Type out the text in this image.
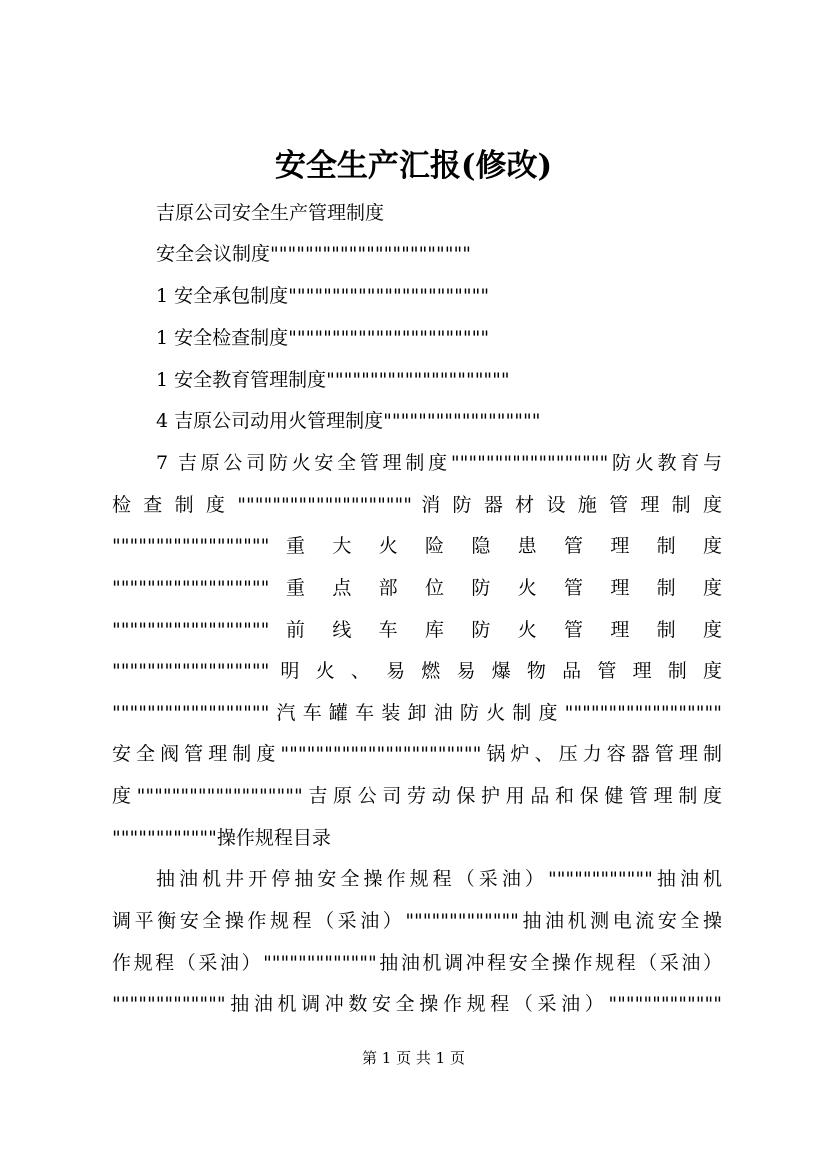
安全生产汇报(修改)
吉原公司安全生产管理制度
安全会议制度"""""""""""""""""""""""
1 安全承包制度"""""""""""""""""""""""
1 安全检查制度"""""""""""""""""""""""
1 安全教育管理制度"""""""""""""""""""""
4 吉原公司动用火管理制度""""""""""""""""""
7 吉原公司防火安全管理制度""""""""""""""""""防火教育与
检 查 制 度 """""""""""""""""""" 消 防 器 材 设 施 管 理 制 度
"""""""""""""""""" 重 大 火 险 隐 患 管 理 制 度
"""""""""""""""""" 重 点 部 位 防 火 管 理 制 度
"""""""""""""""""" 前 线 车 库 防 火 管 理 制 度
"""""""""""""""""" 明 火 、 易 燃 易 爆 物 品 管 理 制 度
""""""""""""""""""汽车罐车装卸油防火制度""""""""""""""""""
安全阀管理制度"""""""""""""""""""""""锅炉、压力容器管理制
度"""""""""""""""""""吉原公司劳动保护用品和保健管理制度
""""""""""""操作规程目录
抽油机井开停抽安全操作规程（采油）""""""""""""抽油机
调平衡安全操作规程（采油）"""""""""""""抽油机测电流安全操
作规程（采油）"""""""""""""抽油机调冲程安全操作规程（采油）
"""""""""""""抽油机调冲数安全操作规程（采油）"""""""""""""
第 1 页 共 1 页
